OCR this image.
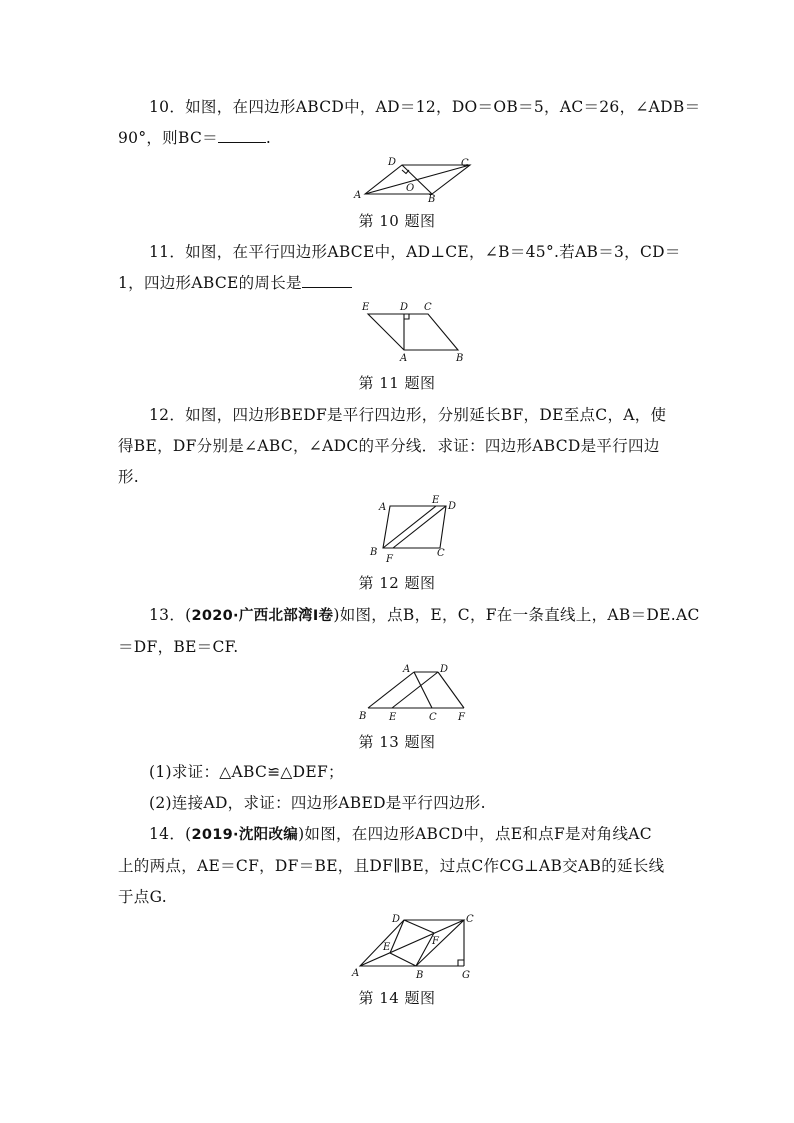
10．如图，在四边形ABCD中，AD＝12，DO＝OB＝5，AC＝26，∠ADB＝
90°，则BC＝	.
A	B
C
D
O
第 10 题图
11．如图，在平行四边形ABCE中，AD⊥CE，∠B＝45°.若AB＝3，CD＝
1，四边形ABCE的周长是
E	D C
A	B
第 11 题图
12．如图，四边形BEDF是平行四边形，分别延长BF，DE至点C，A，使
得BE，DF分别是∠ABC，∠ADC的平分线．求证：四边形ABCD是平行四边
形.
A
E
D
B
F
C
第 12 题图
13．(2020·广西北部湾Ⅰ卷)如图，点B，E，C，F在一条直线上，AB＝DE.AC
＝DF，BE＝CF.
A	D
B E	C F
第 13 题图
(1)求证：△ABC≌△DEF；
(2)连接AD，求证：四边形ABED是平行四边形.
14．(2019·沈阳改编)如图，在四边形ABCD中，点E和点F是对角线AC
上的两点，AE＝CF，DF＝BE，且DF∥BE，过点C作CG⊥AB交AB的延长线
于点G.
D	C
F
E
A	B	G
第 14 题图
